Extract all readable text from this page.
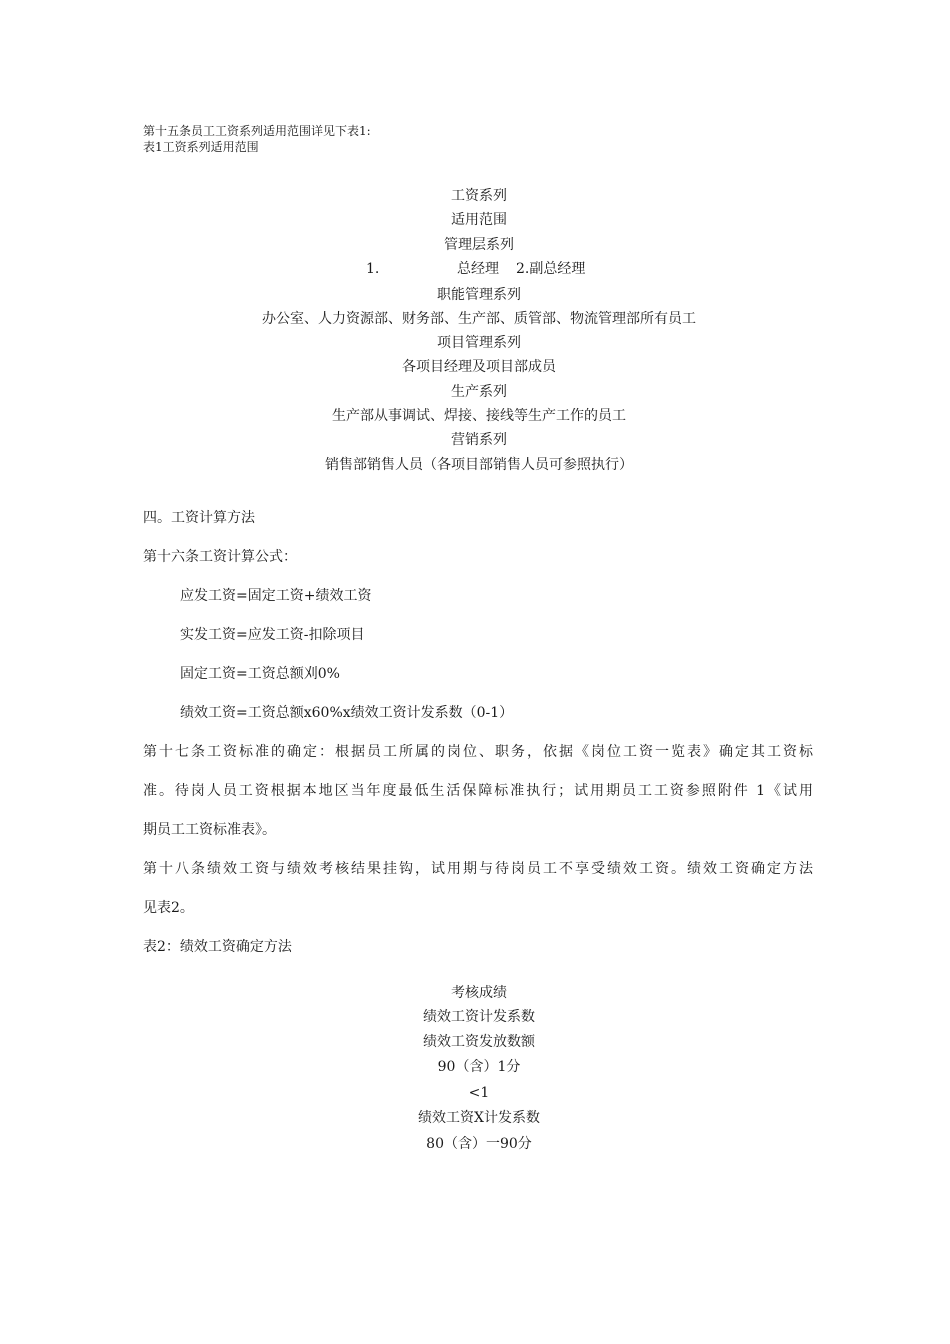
第十五条员工工资系列适用范围详见下表1:
表1工资系列适用范围
工资系列
适用范围
管理层系列
1.	总经理 2.副总经理
职能管理系列
办公室、人力资源部、财务部、生产部、质管部、物流管理部所有员工
项目管理系列
各项目经理及项目部成员
生产系列
生产部从事调试、焊接、接线等生产工作的员工
营销系列
销售部销售人员（各项目部销售人员可参照执行）
四。工资计算方法
第十六条工资计算公式：
应发工资=固定工资+绩效工资
实发工资=应发工资-扣除项目
固定工资=工资总额刈0%
绩效工资=工资总额x60%x绩效工资计发系数（0-1）
第十七条工资标准的确定：根据员工所属的岗位、职务，依据《岗位工资一览表》确定其工资标
准。待岗人员工资根据本地区当年度最低生活保障标准执行；试用期员工工资参照附件 1《试用
期员工工资标准表》。
第十八条绩效工资与绩效考核结果挂钩，试用期与待岗员工不享受绩效工资。绩效工资确定方法
见表2。
表2：绩效工资确定方法
考核成绩
绩效工资计发系数
绩效工资发放数额
90（含）1分
<1
绩效工资X计发系数
80（含）一90分
